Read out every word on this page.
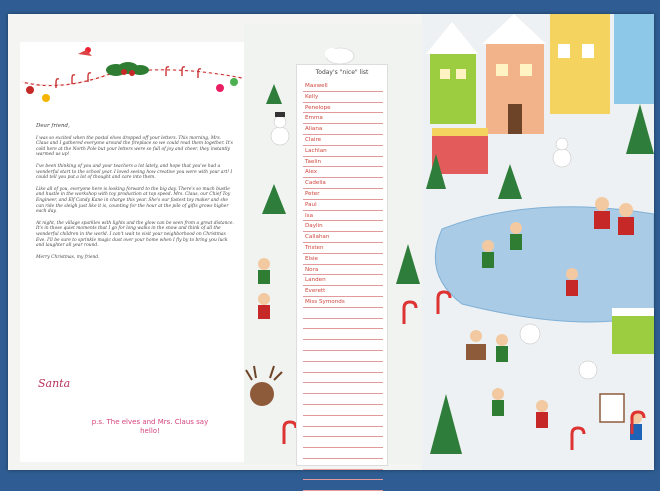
Dear friend,

I was so excited when the postal elves dropped off your letters. This morning, Mrs. Claus and I gathered everyone around the fireplace so we could read them together. It's cold here at the North Pole but your letters were so full of joy and cheer, they instantly warmed us up!

I've been thinking of you and your teachers a lot lately, and hope that you've had a wonderful start to the school year. I loved seeing how creative you were with your art! I could tell you put a lot of thought and care into them.

Like all of you, everyone here is looking forward to the big day. There's so much bustle and hustle in the workshop with toy production at top speed. Mrs. Claus, our Chief Toy Engineer, and Elf Candy Kane in charge this year. She's our fastest toy maker and she can ride the sleigh just like it is, counting for the hour at the pile of gifts grows higher each day.

At night, the village sparkles with lights and the glow can be seen from a great distance. It's in those quiet moments that I go for long walks in the snow and think of all the wonderful children in the world. I can't wait to visit your neighborhood on Christmas Eve. I'll be sure to sprinkle magic dust over your home when I fly by to bring you luck and laughter all year round.

Merry Christmas, my friend.

Santa
p.s. The elves and Mrs. Claus say hello!
Today's "nice" list
Maxwell
Kelly
Penelope
Emma
Aliana
Claire
Lachlan
Taelin
Alex
Cadelia
Peter
Paul
Isa
Daylin
Callahan
Tristen
Elsie
Nora
Landen
Everett
Miss Symonds
